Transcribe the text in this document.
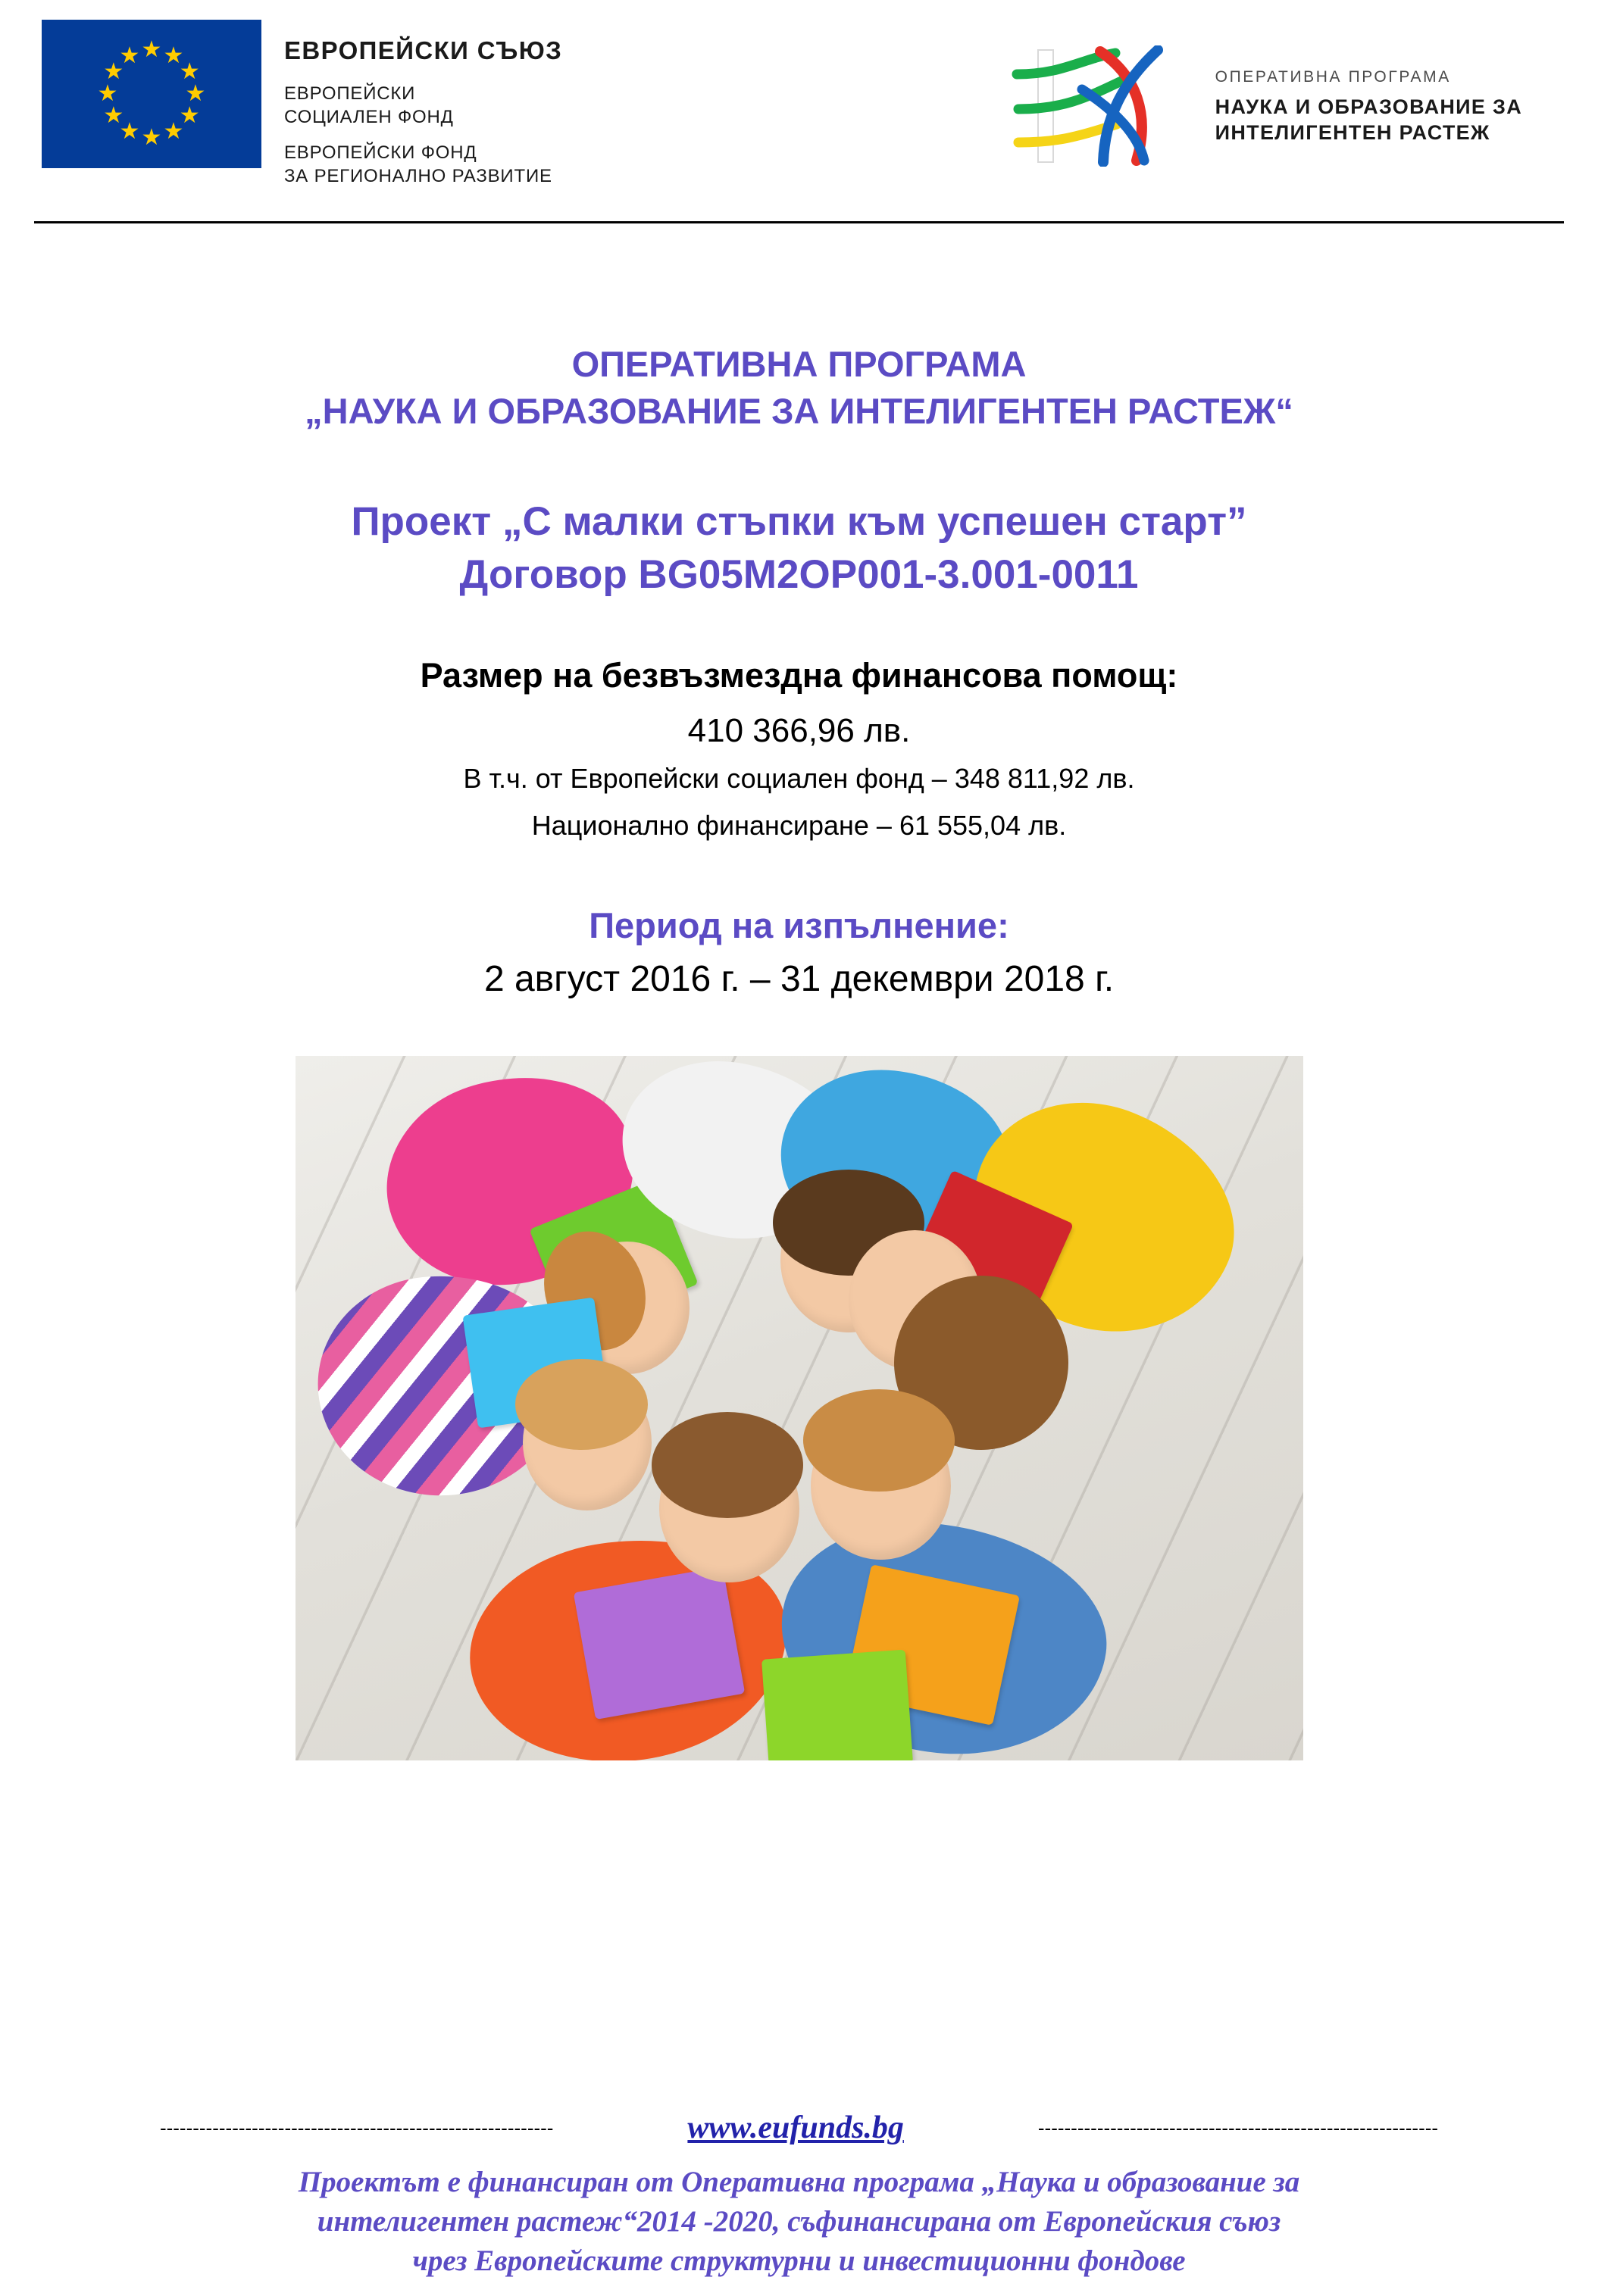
★ ★
★
★
★
★
★
★
★
★
★
★	ЕВРОПЕЙСКИ СЪЮЗ
ЕВРОПЕЙСКИ
СОЦИАЛЕН ФОНД
ЕВРОПЕЙСКИ ФОНД
ЗА РЕГИОНАЛНО РАЗВИТИЕ
ОПЕРАТИВНА ПРОГРАМА
НАУКА И ОБРАЗОВАНИЕ ЗА
ИНТЕЛИГЕНТЕН РАСТЕЖ
ОПЕРАТИВНА ПРОГРАМА
„НАУКА И ОБРАЗОВАНИЕ ЗА ИНТЕЛИГЕНТЕН РАСТЕЖ“
Проект „С малки стъпки към успешен старт”
Договор BG05M2OP001-3.001-0011
Размер на безвъзмездна финансова помощ:
410 366,96 лв.
В т.ч. от Европейски социален фонд – 348 811,92 лв.
Национално финансиране – 61 555,04 лв.
Период на изпълнение:
2 август 2016 г. – 31 декември 2018 г.
------------------------------------------------------------	www.eufunds.bg	-------------------------------------------------------------
Проектът е финансиран от Оперативна програма „Наука и образование за
интелигентен растеж“2014 -2020, съфинансирана от Европейския съюз
чрез Европейските структурни и инвестиционни фондове
